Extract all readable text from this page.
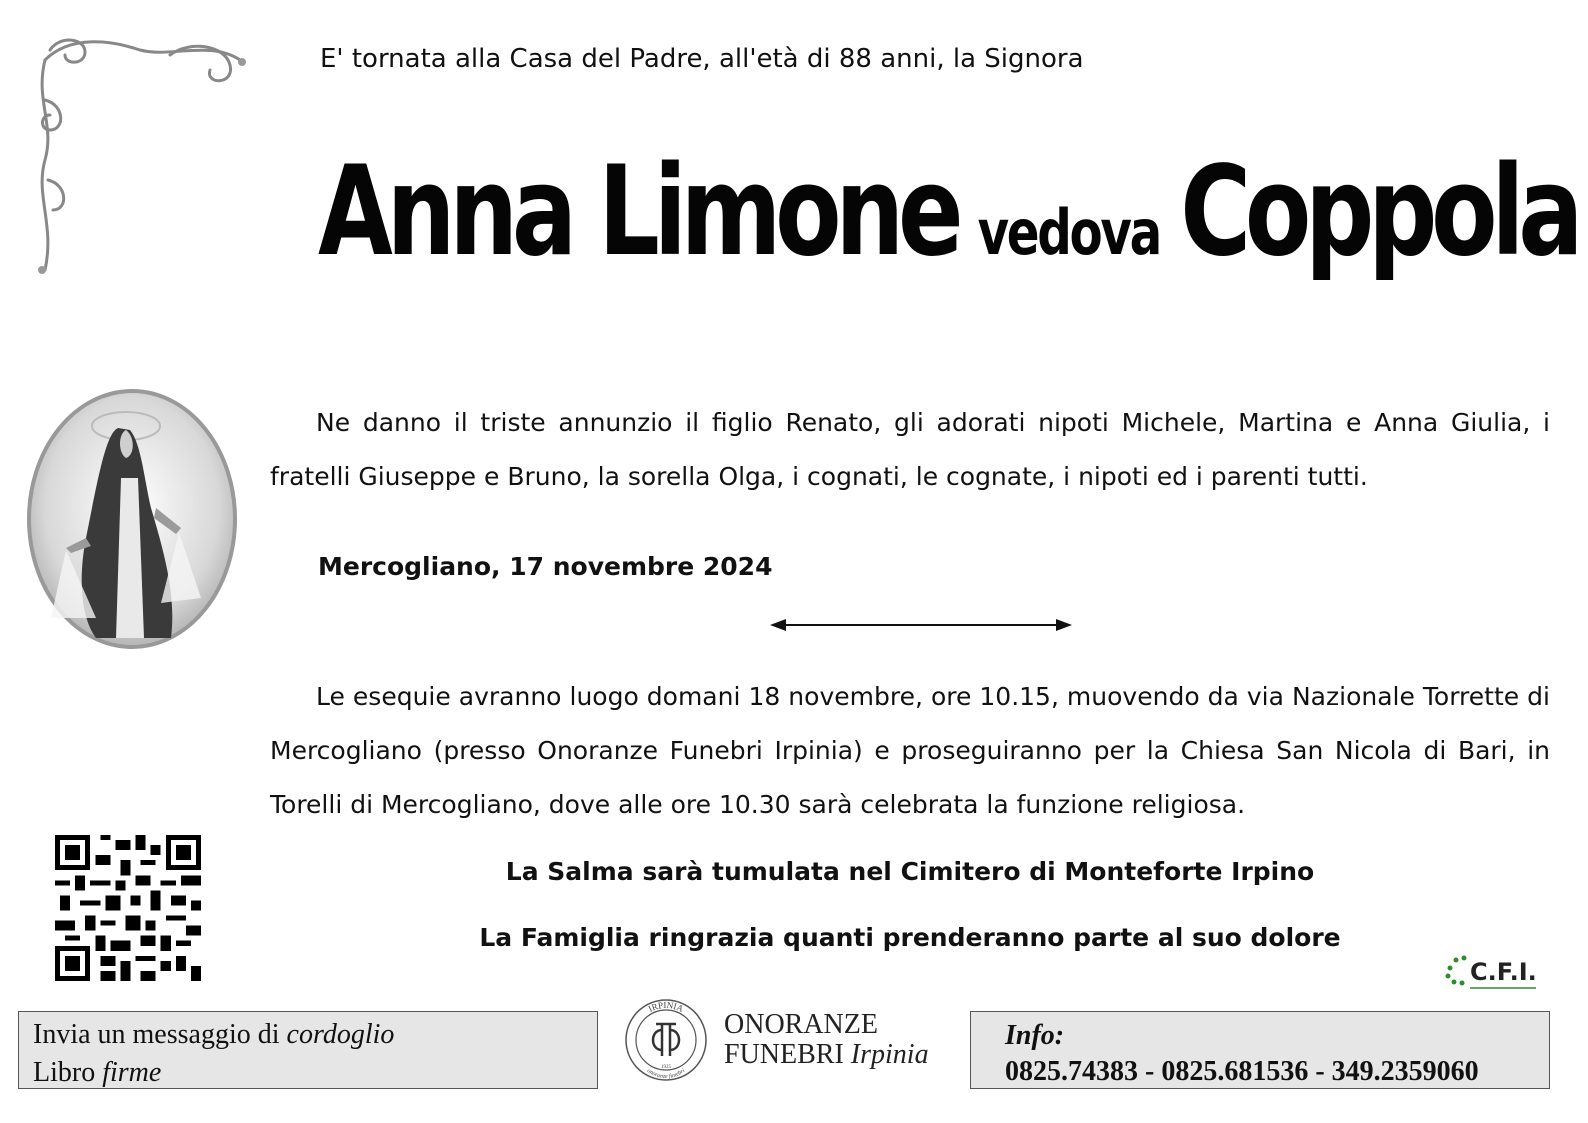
E' tornata alla Casa del Padre, all'età di 88 anni, la Signora
Anna Limone vedova Coppola
Ne danno il triste annunzio il figlio Renato, gli adorati nipoti Michele, Martina e Anna Giulia, i fratelli Giuseppe e Bruno, la sorella Olga, i cognati, le cognate, i nipoti ed i parenti tutti.
Mercogliano, 17 novembre 2024
Le esequie avranno luogo domani 18 novembre, ore 10.15, muovendo da via Nazionale Torrette di Mercogliano (presso Onoranze Funebri Irpinia) e proseguiranno per la Chiesa San Nicola di Bari, in Torelli di Mercogliano, dove alle ore 10.30 sarà celebrata la funzione religiosa.
La Salma sarà tumulata nel Cimitero di Monteforte Irpino
La Famiglia ringrazia quanti prenderanno parte al suo dolore
C.F.I.
Invia un messaggio di cordoglio
Libro firme
IRPINIA
1925
onoranze funebri
ONORANZE
FUNEBRI Irpinia
Info:
0825.74383 - 0825.681536 - 349.2359060
